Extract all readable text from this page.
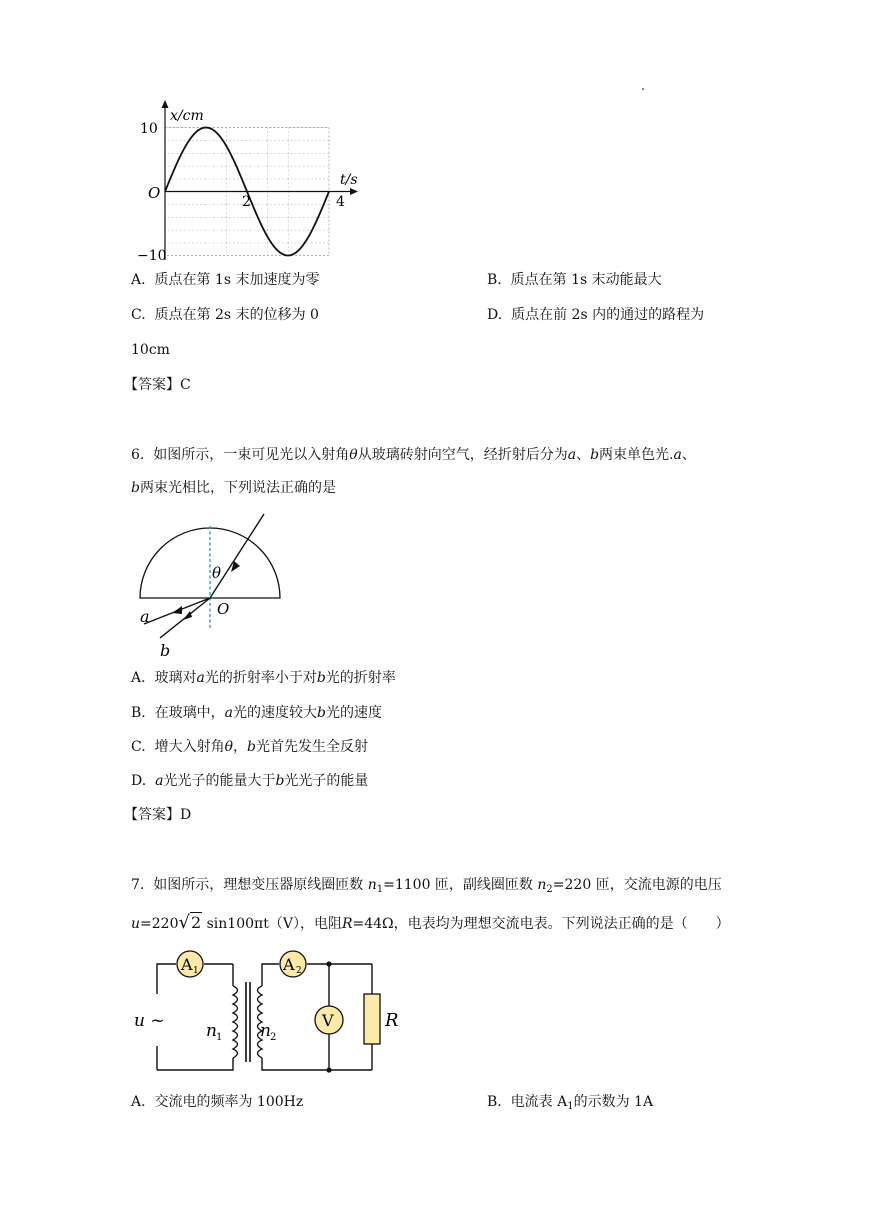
x/cm
t/s
10
−10
O	2	4
A. 质点在第 1s 末加速度为零	B. 质点在第 1s 末动能最大
C. 质点在第 2s 末的位移为 0	D. 质点在前 2s 内的通过的路程为
10cm
【答案】C
6. 如图所示，一束可见光以入射角θ从玻璃砖射向空气，经折射后分为a、b两束单色光.a、
b两束光相比，下列说法正确的是
θ
O
a
b
A. 玻璃对a光的折射率小于对b光的折射率
B. 在玻璃中，a光的速度较大b光的速度
C. 增大入射角θ，b光首先发生全反射
D. a光光子的能量大于b光光子的能量
【答案】D
7. 如图所示，理想变压器原线圈匝数 $n_1=1100$ 匝，副线圈匝数 $n_2=220$ 匝，交流电源的电压
u=220√2 sin100πt（V），电阻R=44Ω，电表均为理想交流电表。下列说法正确的是（　　）
A 1	A 2
V
u ~ n 1 n 2
R
A. 交流电的频率为 100Hz	B. 电流表 $A_1$的示数为 1A
